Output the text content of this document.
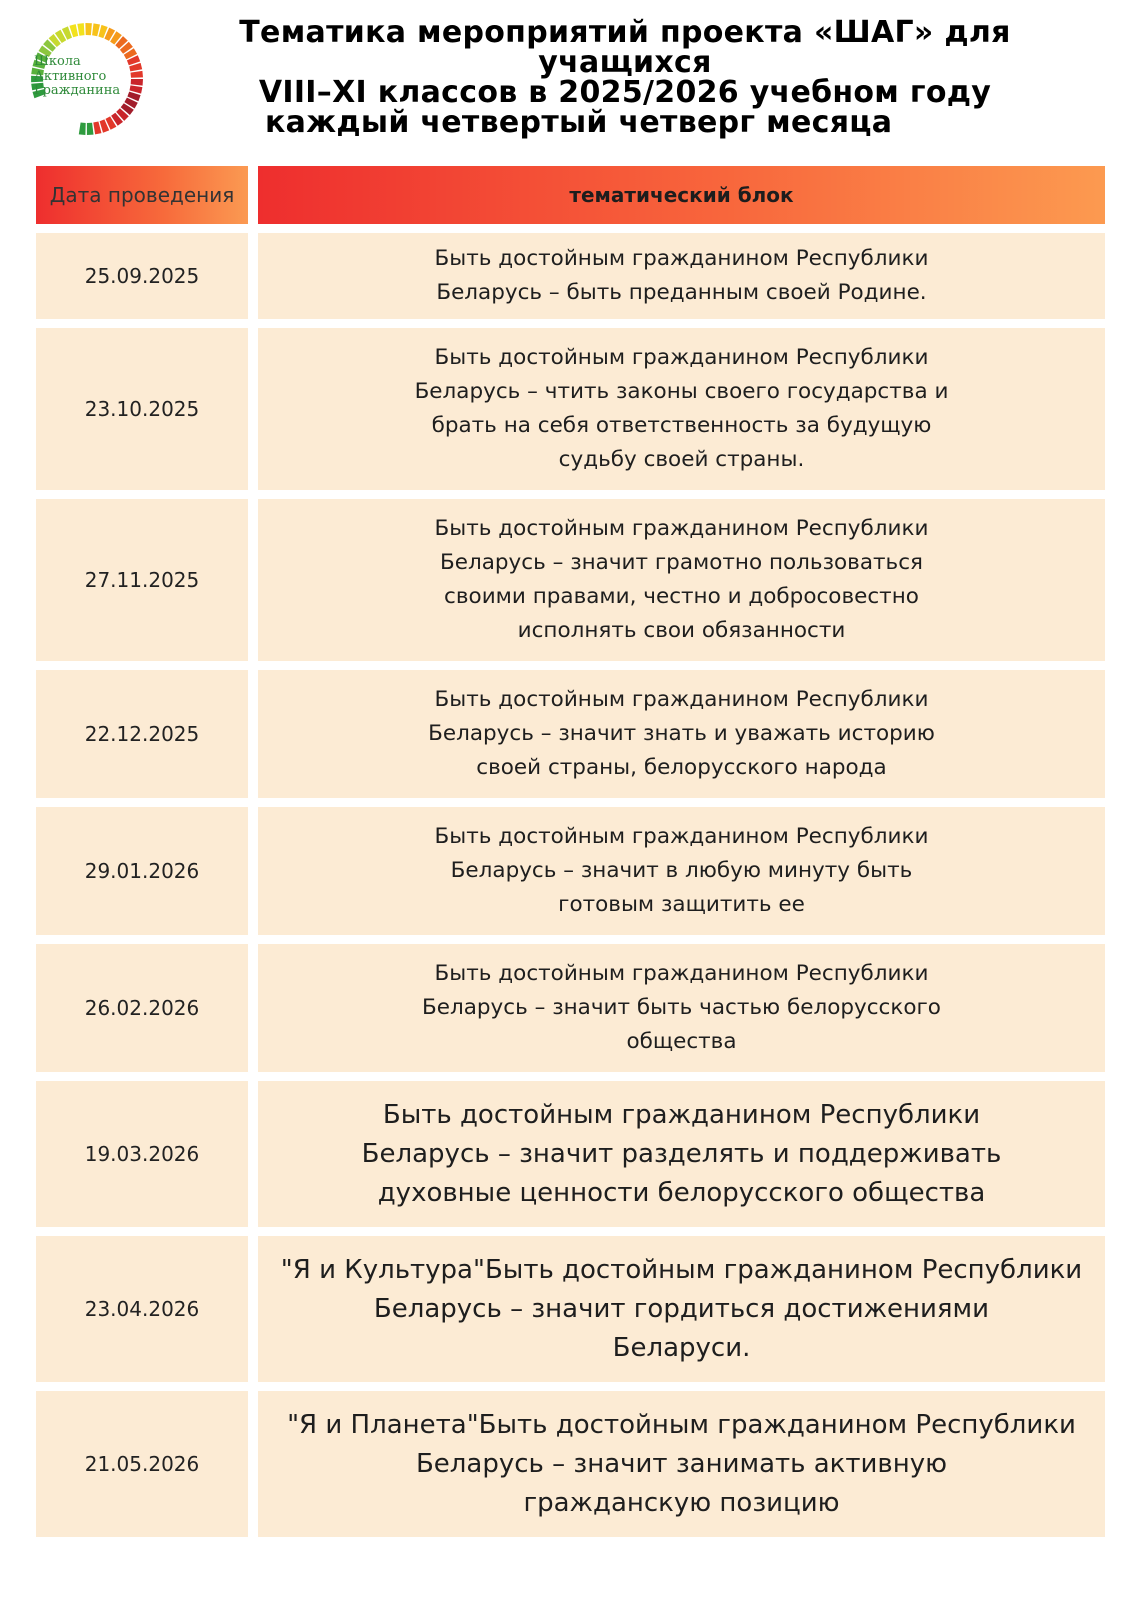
Школа
Активного
Гражданина
Тематика мероприятий проекта «ШАГ» для
учащихся
VIII–XI классов в 2025/2026 учебном году
каждый четвертый четверг месяца
Дата проведения	тематический блок
25.09.2025
Быть достойным гражданином Республики
Беларусь – быть преданным своей Родине.
23.10.2025
Быть достойным гражданином Республики
Беларусь – чтить законы своего государства и
брать на себя ответственность за будущую
судьбу своей страны.
27.11.2025
Быть достойным гражданином Республики
Беларусь – значит грамотно пользоваться
своими правами, честно и добросовестно
исполнять свои обязанности
22.12.2025
Быть достойным гражданином Республики
Беларусь – значит знать и уважать историю
своей страны, белорусского народа
29.01.2026
Быть достойным гражданином Республики
Беларусь – значит в любую минуту быть
готовым защитить ее
26.02.2026
Быть достойным гражданином Республики
Беларусь – значит быть частью белорусского
общества
19.03.2026
Быть достойным гражданином Республики
Беларусь – значит разделять и поддерживать
духовные ценности белорусского общества
23.04.2026
"Я и Культура"Быть достойным гражданином Республики
Беларусь – значит гордиться достижениями
Беларуси.
21.05.2026
"Я и Планета"Быть достойным гражданином Республики
Беларусь – значит занимать активную
гражданскую позицию
